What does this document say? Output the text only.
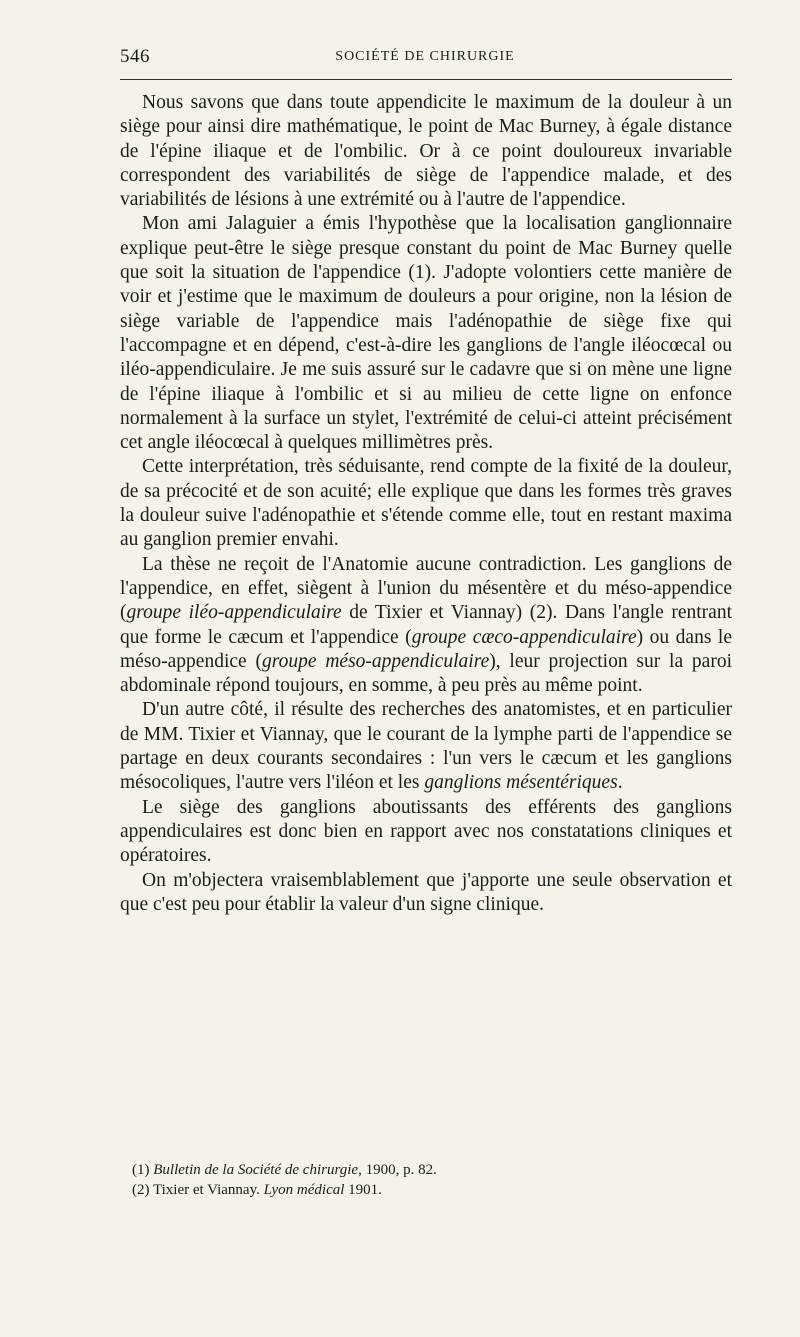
546	SOCIÉTÉ DE CHIRURGIE

Nous savons que dans toute appendicite le maximum de la douleur à un siège pour ainsi dire mathématique, le point de Mac Burney, à égale distance de l'épine iliaque et de l'ombilic. Or à ce point douloureux invariable correspondent des variabilités de siège de l'appendice malade, et des variabilités de lésions à une extrémité ou à l'autre de l'appendice.

Mon ami Jalaguier a émis l'hypothèse que la localisation ganglionnaire explique peut-être le siège presque constant du point de Mac Burney quelle que soit la situation de l'appendice (1). J'adopte volontiers cette manière de voir et j'estime que le maximum de douleurs a pour origine, non la lésion de siège variable de l'appendice mais l'adénopathie de siège fixe qui l'accompagne et en dépend, c'est-à-dire les ganglions de l'angle iléocœcal ou iléo-appendiculaire. Je me suis assuré sur le cadavre que si on mène une ligne de l'épine iliaque à l'ombilic et si au milieu de cette ligne on enfonce normalement à la surface un stylet, l'extrémité de celui-ci atteint précisément cet angle iléocœcal à quelques millimètres près.

Cette interprétation, très séduisante, rend compte de la fixité de la douleur, de sa précocité et de son acuité; elle explique que dans les formes très graves la douleur suive l'adénopathie et s'étende comme elle, tout en restant maxima au ganglion premier envahi.

La thèse ne reçoit de l'Anatomie aucune contradiction. Les ganglions de l'appendice, en effet, siègent à l'union du mésentère et du méso-appendice (groupe iléo-appendiculaire de Tixier et Viannay) (2). Dans l'angle rentrant que forme le cæcum et l'appendice (groupe cæco-appendiculaire) ou dans le méso-appendice (groupe méso-appendiculaire), leur projection sur la paroi abdominale répond toujours, en somme, à peu près au même point.

D'un autre côté, il résulte des recherches des anatomistes, et en particulier de MM. Tixier et Viannay, que le courant de la lymphe parti de l'appendice se partage en deux courants secondaires : l'un vers le cæcum et les ganglions mésocoliques, l'autre vers l'iléon et les ganglions mésentériques.

Le siège des ganglions aboutissants des efférents des ganglions appendiculaires est donc bien en rapport avec nos constatations cliniques et opératoires.

On m'objectera vraisemblablement que j'apporte une seule observation et que c'est peu pour établir la valeur d'un signe clinique.

(1) Bulletin de la Société de chirurgie, 1900, p. 82.
(2) Tixier et Viannay. Lyon médical 1901.
